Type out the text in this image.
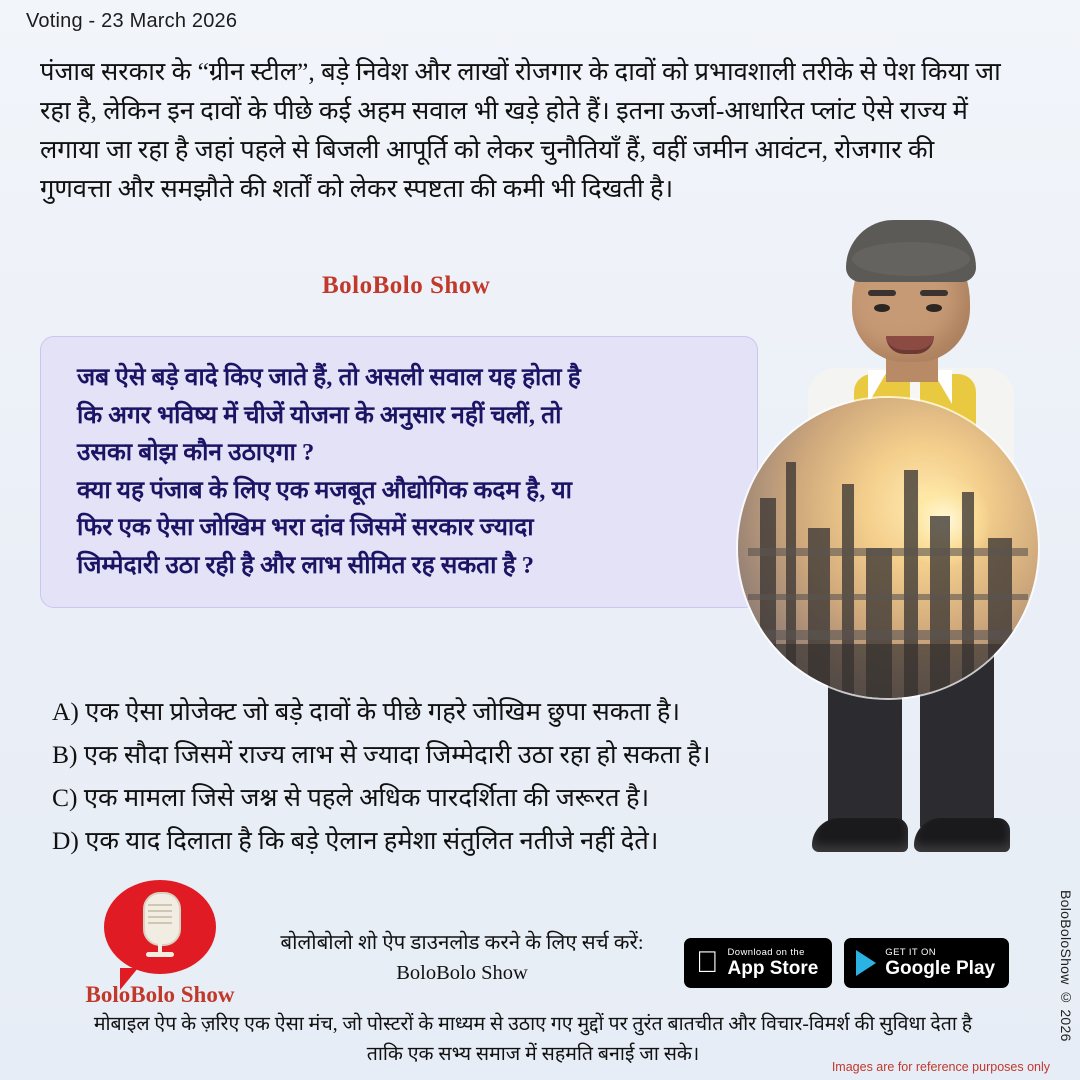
Voting - 23 March 2026
पंजाब सरकार के “ग्रीन स्टील”, बड़े निवेश और लाखों रोजगार के दावों को प्रभावशाली तरीके से पेश किया जा रहा है, लेकिन इन दावों के पीछे कई अहम सवाल भी खड़े होते हैं। इतना ऊर्जा-आधारित प्लांट ऐसे राज्य में लगाया जा रहा है जहां पहले से बिजली आपूर्ति को लेकर चुनौतियाँ हैं, वहीं जमीन आवंटन, रोजगार की गुणवत्ता और समझौते की शर्तों को लेकर स्पष्टता की कमी भी दिखती है।
BoloBolo Show
जब ऐसे बड़े वादे किए जाते हैं, तो असली सवाल यह होता है
कि अगर भविष्य में चीजें योजना के अनुसार नहीं चलीं, तो
उसका बोझ कौन उठाएगा ?
क्या यह पंजाब के लिए एक मजबूत औद्योगिक कदम है, या
फिर एक ऐसा जोखिम भरा दांव जिसमें सरकार ज्यादा
जिम्मेदारी उठा रही है और लाभ सीमित रह सकता है ?
A) एक ऐसा प्रोजेक्ट जो बड़े दावों के पीछे गहरे जोखिम छुपा सकता है।
B) एक सौदा जिसमें राज्य लाभ से ज्यादा जिम्मेदारी उठा रहा हो सकता है।
C) एक मामला जिसे जश्न से पहले अधिक पारदर्शिता की जरूरत है।
D) एक याद दिलाता है कि बड़े ऐलान हमेशा संतुलित नतीजे नहीं देते।
BoloBolo Show
बोलोबोलो शो ऐप डाउनलोड करने के लिए सर्च करें:
BoloBolo Show
Download on the
App Store
GET IT ON
Google Play
मोबाइल ऐप के ज़रिए एक ऐसा मंच, जो पोस्टरों के माध्यम से उठाए गए मुद्दों पर तुरंत बातचीत और विचार-विमर्श की सुविधा देता है
ताकि एक सभ्य समाज में सहमति बनाई जा सके।
BoloBoloShow © 2026
Images are for reference purposes only
